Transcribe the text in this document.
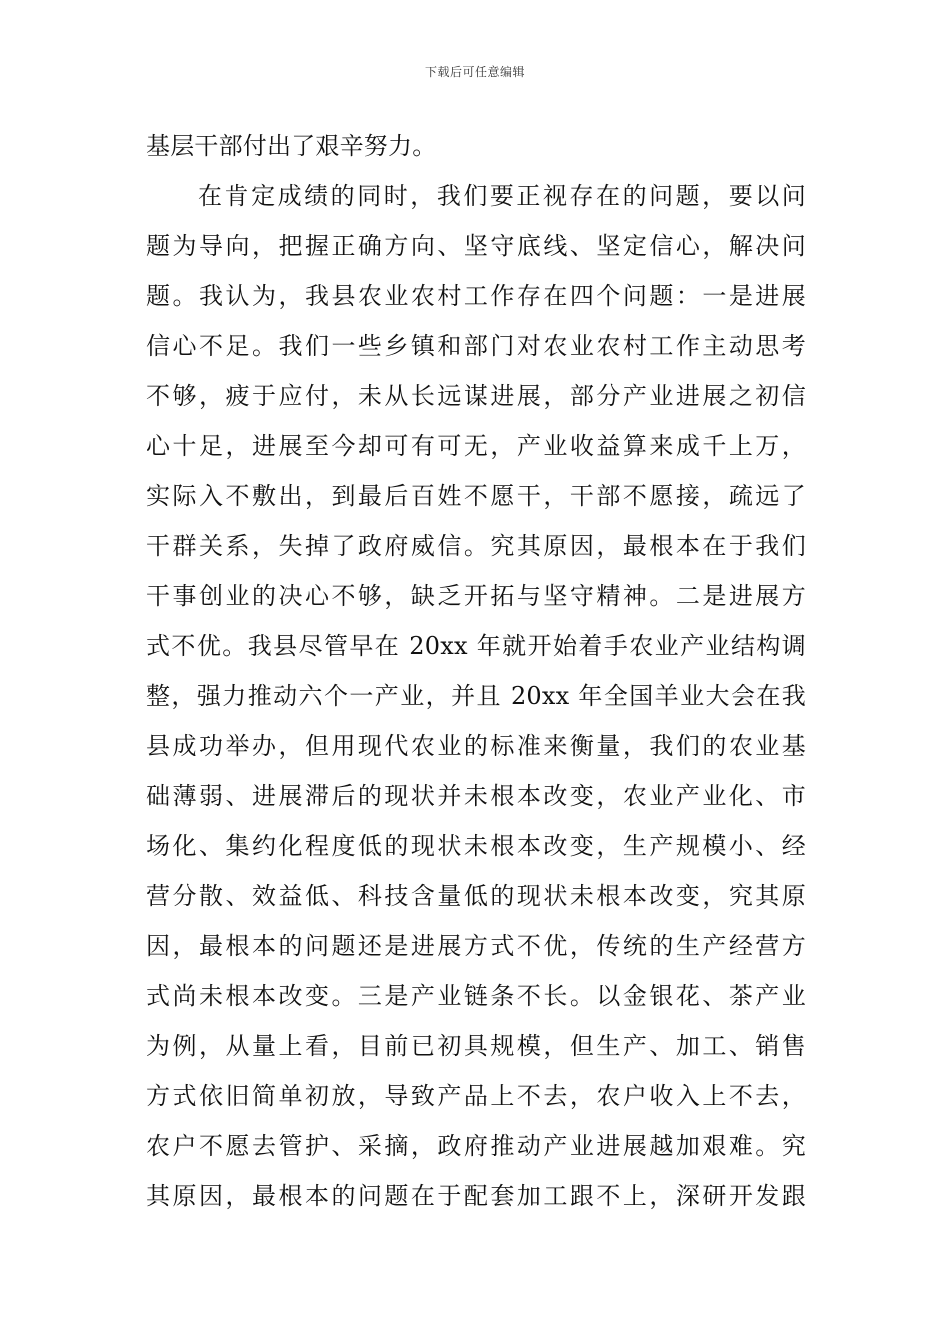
下载后可任意编辑
基层干部付出了艰辛努力。
在肯定成绩的同时，我们要正视存在的问题，要以问
题为导向，把握正确方向、坚守底线、坚定信心，解决问
题。我认为，我县农业农村工作存在四个问题：一是进展
信心不足。我们一些乡镇和部门对农业农村工作主动思考
不够，疲于应付，未从长远谋进展，部分产业进展之初信
心十足，进展至今却可有可无，产业收益算来成千上万，
实际入不敷出，到最后百姓不愿干，干部不愿接，疏远了
干群关系，失掉了政府威信。究其原因，最根本在于我们
干事创业的决心不够，缺乏开拓与坚守精神。二是进展方
式不优。我县尽管早在 20xx 年就开始着手农业产业结构调
整，强力推动六个一产业，并且 20xx 年全国羊业大会在我
县成功举办，但用现代农业的标准来衡量，我们的农业基
础薄弱、进展滞后的现状并未根本改变，农业产业化、市
场化、集约化程度低的现状未根本改变，生产规模小、经
营分散、效益低、科技含量低的现状未根本改变，究其原
因，最根本的问题还是进展方式不优，传统的生产经营方
式尚未根本改变。三是产业链条不长。以金银花、茶产业
为例，从量上看，目前已初具规模，但生产、加工、销售
方式依旧简单初放，导致产品上不去，农户收入上不去，
农户不愿去管护、采摘，政府推动产业进展越加艰难。究
其原因，最根本的问题在于配套加工跟不上，深研开发跟
